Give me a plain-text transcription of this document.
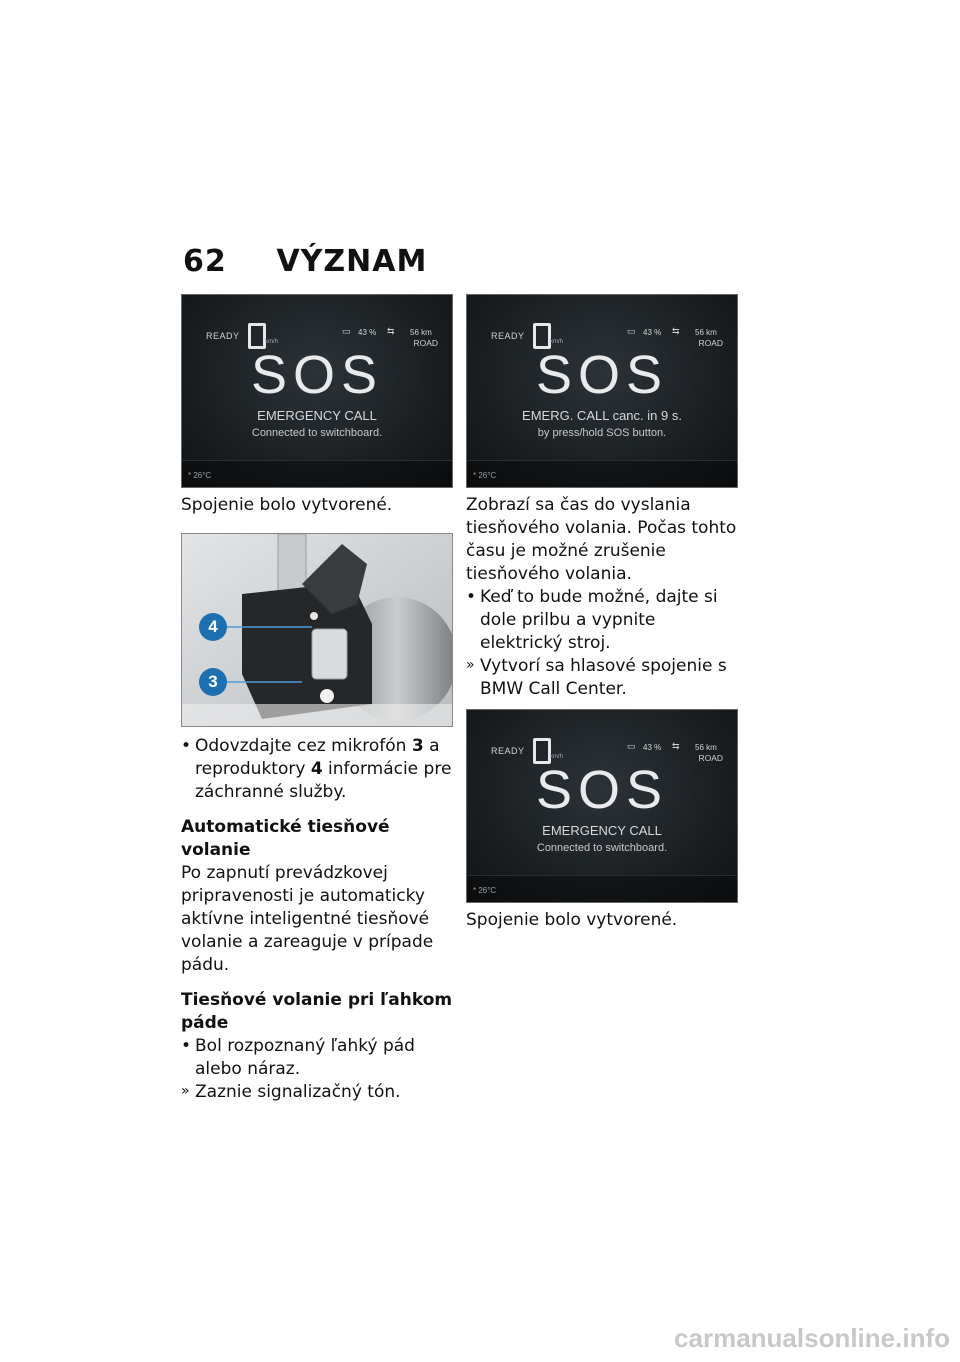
62 VÝZNAM
READY
km/h
▭ 43 % ⇆ 56 km
ROAD
SOS
EMERGENCY CALL
Connected to switchboard.
* 26°C
Spojenie bolo vytvorené.
4
3
• Odovzdajte cez mikrofón 3 a reproduktory 4 informácie pre záchranné služby.
Automatické tiesňové volanie
Po zapnutí prevádzkovej pripravenosti je automaticky aktívne inteligentné tiesňové volanie a zareaguje v prípade pádu.
Tiesňové volanie pri ľahkom páde
• Bol rozpoznaný ľahký pád alebo náraz.
» Zaznie signalizačný tón.
READY
km/h
▭ 43 % ⇆ 56 km
ROAD
SOS
EMERG. CALL canc. in 9 s.
by press/hold SOS button.
* 26°C
Zobrazí sa čas do vyslania tiesňového volania. Počas tohto času je možné zrušenie tiesňového volania.
• Keď to bude možné, dajte si dole prilbu a vypnite elektrický stroj.
» Vytvorí sa hlasové spojenie s BMW Call Center.
READY
km/h
▭ 43 % ⇆ 56 km
ROAD
SOS
EMERGENCY CALL
Connected to switchboard.
* 26°C
Spojenie bolo vytvorené.
carmanualsonline.info
